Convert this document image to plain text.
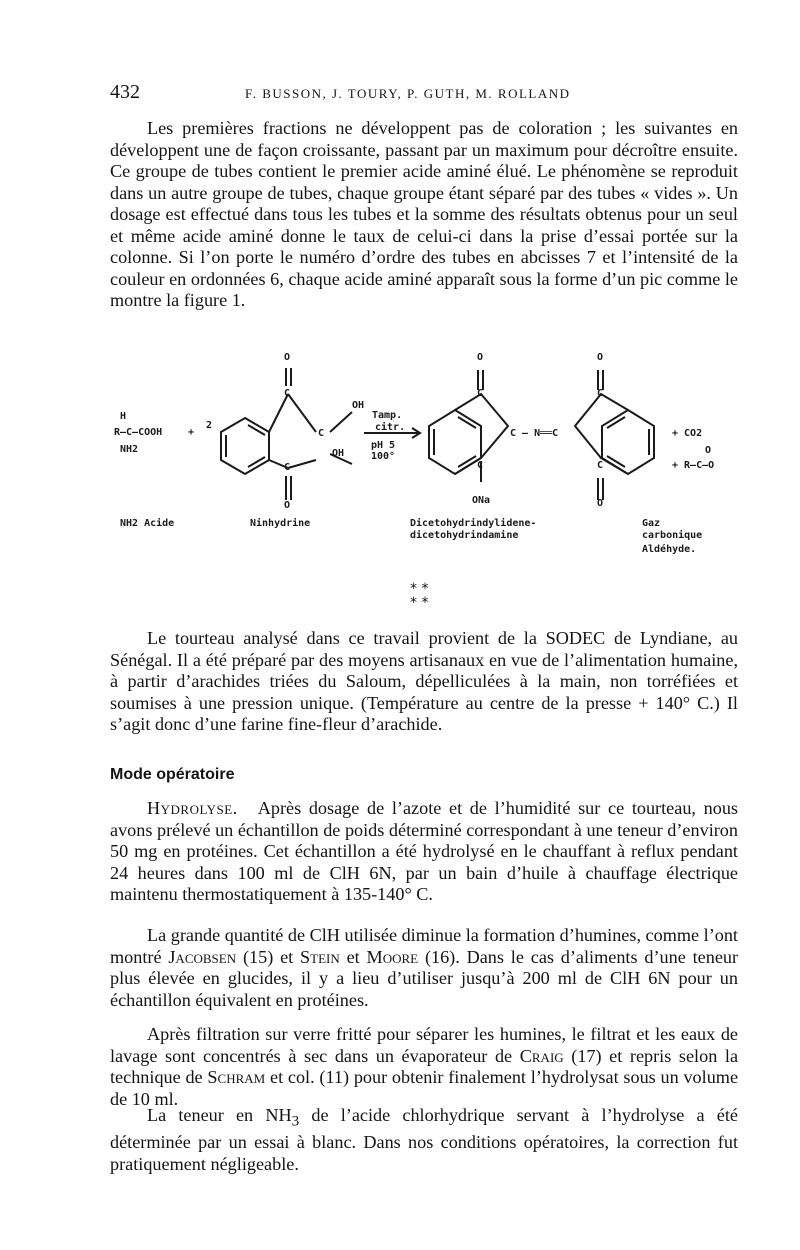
432	F. BUSSON, J. TOURY, P. GUTH, M. ROLLAND

Les premières fractions ne développent pas de coloration ; les suivantes en développent une de façon croissante, passant par un maximum pour décroître ensuite. Ce groupe de tubes contient le premier acide aminé élué. Le phénomène se reproduit dans un autre groupe de tubes, chaque groupe étant séparé par des tubes « vides ». Un dosage est effectué dans tous les tubes et la somme des résultats obtenus pour un seul et même acide aminé donne le taux de celui-ci dans la prise d’essai portée sur la colonne. Si l’on porte le numéro d’ordre des tubes en abcisses 7 et l’intensité de la couleur en ordonnées 6, chaque acide aminé apparaît sous la forme d’un pic comme le montre la figure 1.

H
R–C–COOH
NH2
+
2
O
C
C
O
C
OH
OH
Tamp.
citr.
pH 5
100°
O
C
C
ONa
C — N══C
O
C
C
O
+ CO2
O
+ R–C–O
NH2 Acide	Ninhydrine	Dicetohydrindylidene-
dicetohydrindamine
Gaz
carbonique
Aldéhyde.
* *
* *

Le tourteau analysé dans ce travail provient de la SODEC de Lyndiane, au Sénégal. Il a été préparé par des moyens artisanaux en vue de l’alimentation humaine, à partir d’arachides triées du Saloum, dépelliculées à la main, non torréfiées et soumises à une pression unique. (Température au centre de la presse + 140° C.) Il s’agit donc d’une farine fine-fleur d’arachide.

Mode opératoire

Hydrolyse. Après dosage de l’azote et de l’humidité sur ce tourteau, nous avons prélevé un échantillon de poids déterminé correspondant à une teneur d’environ 50 mg en protéines. Cet échantillon a été hydrolysé en le chauffant à reflux pendant 24 heures dans 100 ml de ClH 6N, par un bain d’huile à chauffage électrique maintenu thermostatiquement à 135-140° C.

La grande quantité de ClH utilisée diminue la formation d’humines, comme l’ont montré Jacobsen (15) et Stein et Moore (16). Dans le cas d’aliments d’une teneur plus élevée en glucides, il y a lieu d’utiliser jusqu’à 200 ml de ClH 6N pour un échantillon équivalent en protéines.

Après filtration sur verre fritté pour séparer les humines, le filtrat et les eaux de lavage sont concentrés à sec dans un évaporateur de Craig (17) et repris selon la technique de Schram et col. (11) pour obtenir finalement l’hydrolysat sous un volume de 10 ml.

La teneur en $NH_3$ de l’acide chlorhydrique servant à l’hydrolyse a été déterminée par un essai à blanc. Dans nos conditions opératoires, la correction fut pratiquement négligeable.
